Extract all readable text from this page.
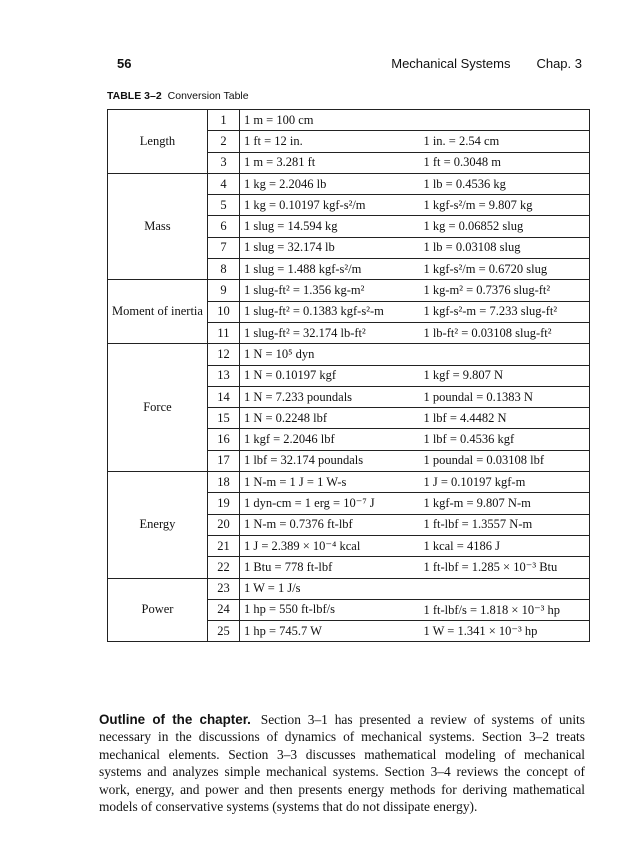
56	Mechanical Systems Chap. 3
TABLE 3–2 Conversion Table
Length	1	1 m = 100 cm	
	2	1 ft = 12 in.	1 in. = 2.54 cm
	3	1 m = 3.281 ft	1 ft = 0.3048 m
Mass	4	1 kg = 2.2046 lb	1 lb = 0.4536 kg
	5	1 kg = 0.10197 kgf-s²/m	1 kgf-s²/m = 9.807 kg
	6	1 slug = 14.594 kg	1 kg = 0.06852 slug
	7	1 slug = 32.174 lb	1 lb = 0.03108 slug
	8	1 slug = 1.488 kgf-s²/m	1 kgf-s²/m = 0.6720 slug
Moment of inertia	9	1 slug-ft² = 1.356 kg-m²	1 kg-m² = 0.7376 slug-ft²
	10	1 slug-ft² = 0.1383 kgf-s²-m	1 kgf-s²-m = 7.233 slug-ft²
	11	1 slug-ft² = 32.174 lb-ft²	1 lb-ft² = 0.03108 slug-ft²
Force	12	1 N = 10⁵ dyn	
	13	1 N = 0.10197 kgf	1 kgf = 9.807 N
	14	1 N = 7.233 poundals	1 poundal = 0.1383 N
	15	1 N = 0.2248 lbf	1 lbf = 4.4482 N
	16	1 kgf = 2.2046 lbf	1 lbf = 0.4536 kgf
	17	1 lbf = 32.174 poundals	1 poundal = 0.03108 lbf
Energy	18	1 N-m = 1 J = 1 W-s	1 J = 0.10197 kgf-m
	19	1 dyn-cm = 1 erg = 10⁻⁷ J	1 kgf-m = 9.807 N-m
	20	1 N-m = 0.7376 ft-lbf	1 ft-lbf = 1.3557 N-m
	21	1 J = 2.389 × 10⁻⁴ kcal	1 kcal = 4186 J
	22	1 Btu = 778 ft-lbf	1 ft-lbf = 1.285 × 10⁻³ Btu
Power	23	1 W = 1 J/s	
	24	1 hp = 550 ft-lbf/s	1 ft-lbf/s = 1.818 × 10⁻³ hp
	25	1 hp = 745.7 W	1 W = 1.341 × 10⁻³ hp
Outline of the chapter. Section 3–1 has presented a review of systems of units necessary in the discussions of dynamics of mechanical systems. Section 3–2 treats mechanical elements. Section 3–3 discusses mathematical modeling of mechanical systems and analyzes simple mechanical systems. Section 3–4 reviews the concept of work, energy, and power and then presents energy methods for deriving mathematical models of conservative systems (systems that do not dissipate energy).
